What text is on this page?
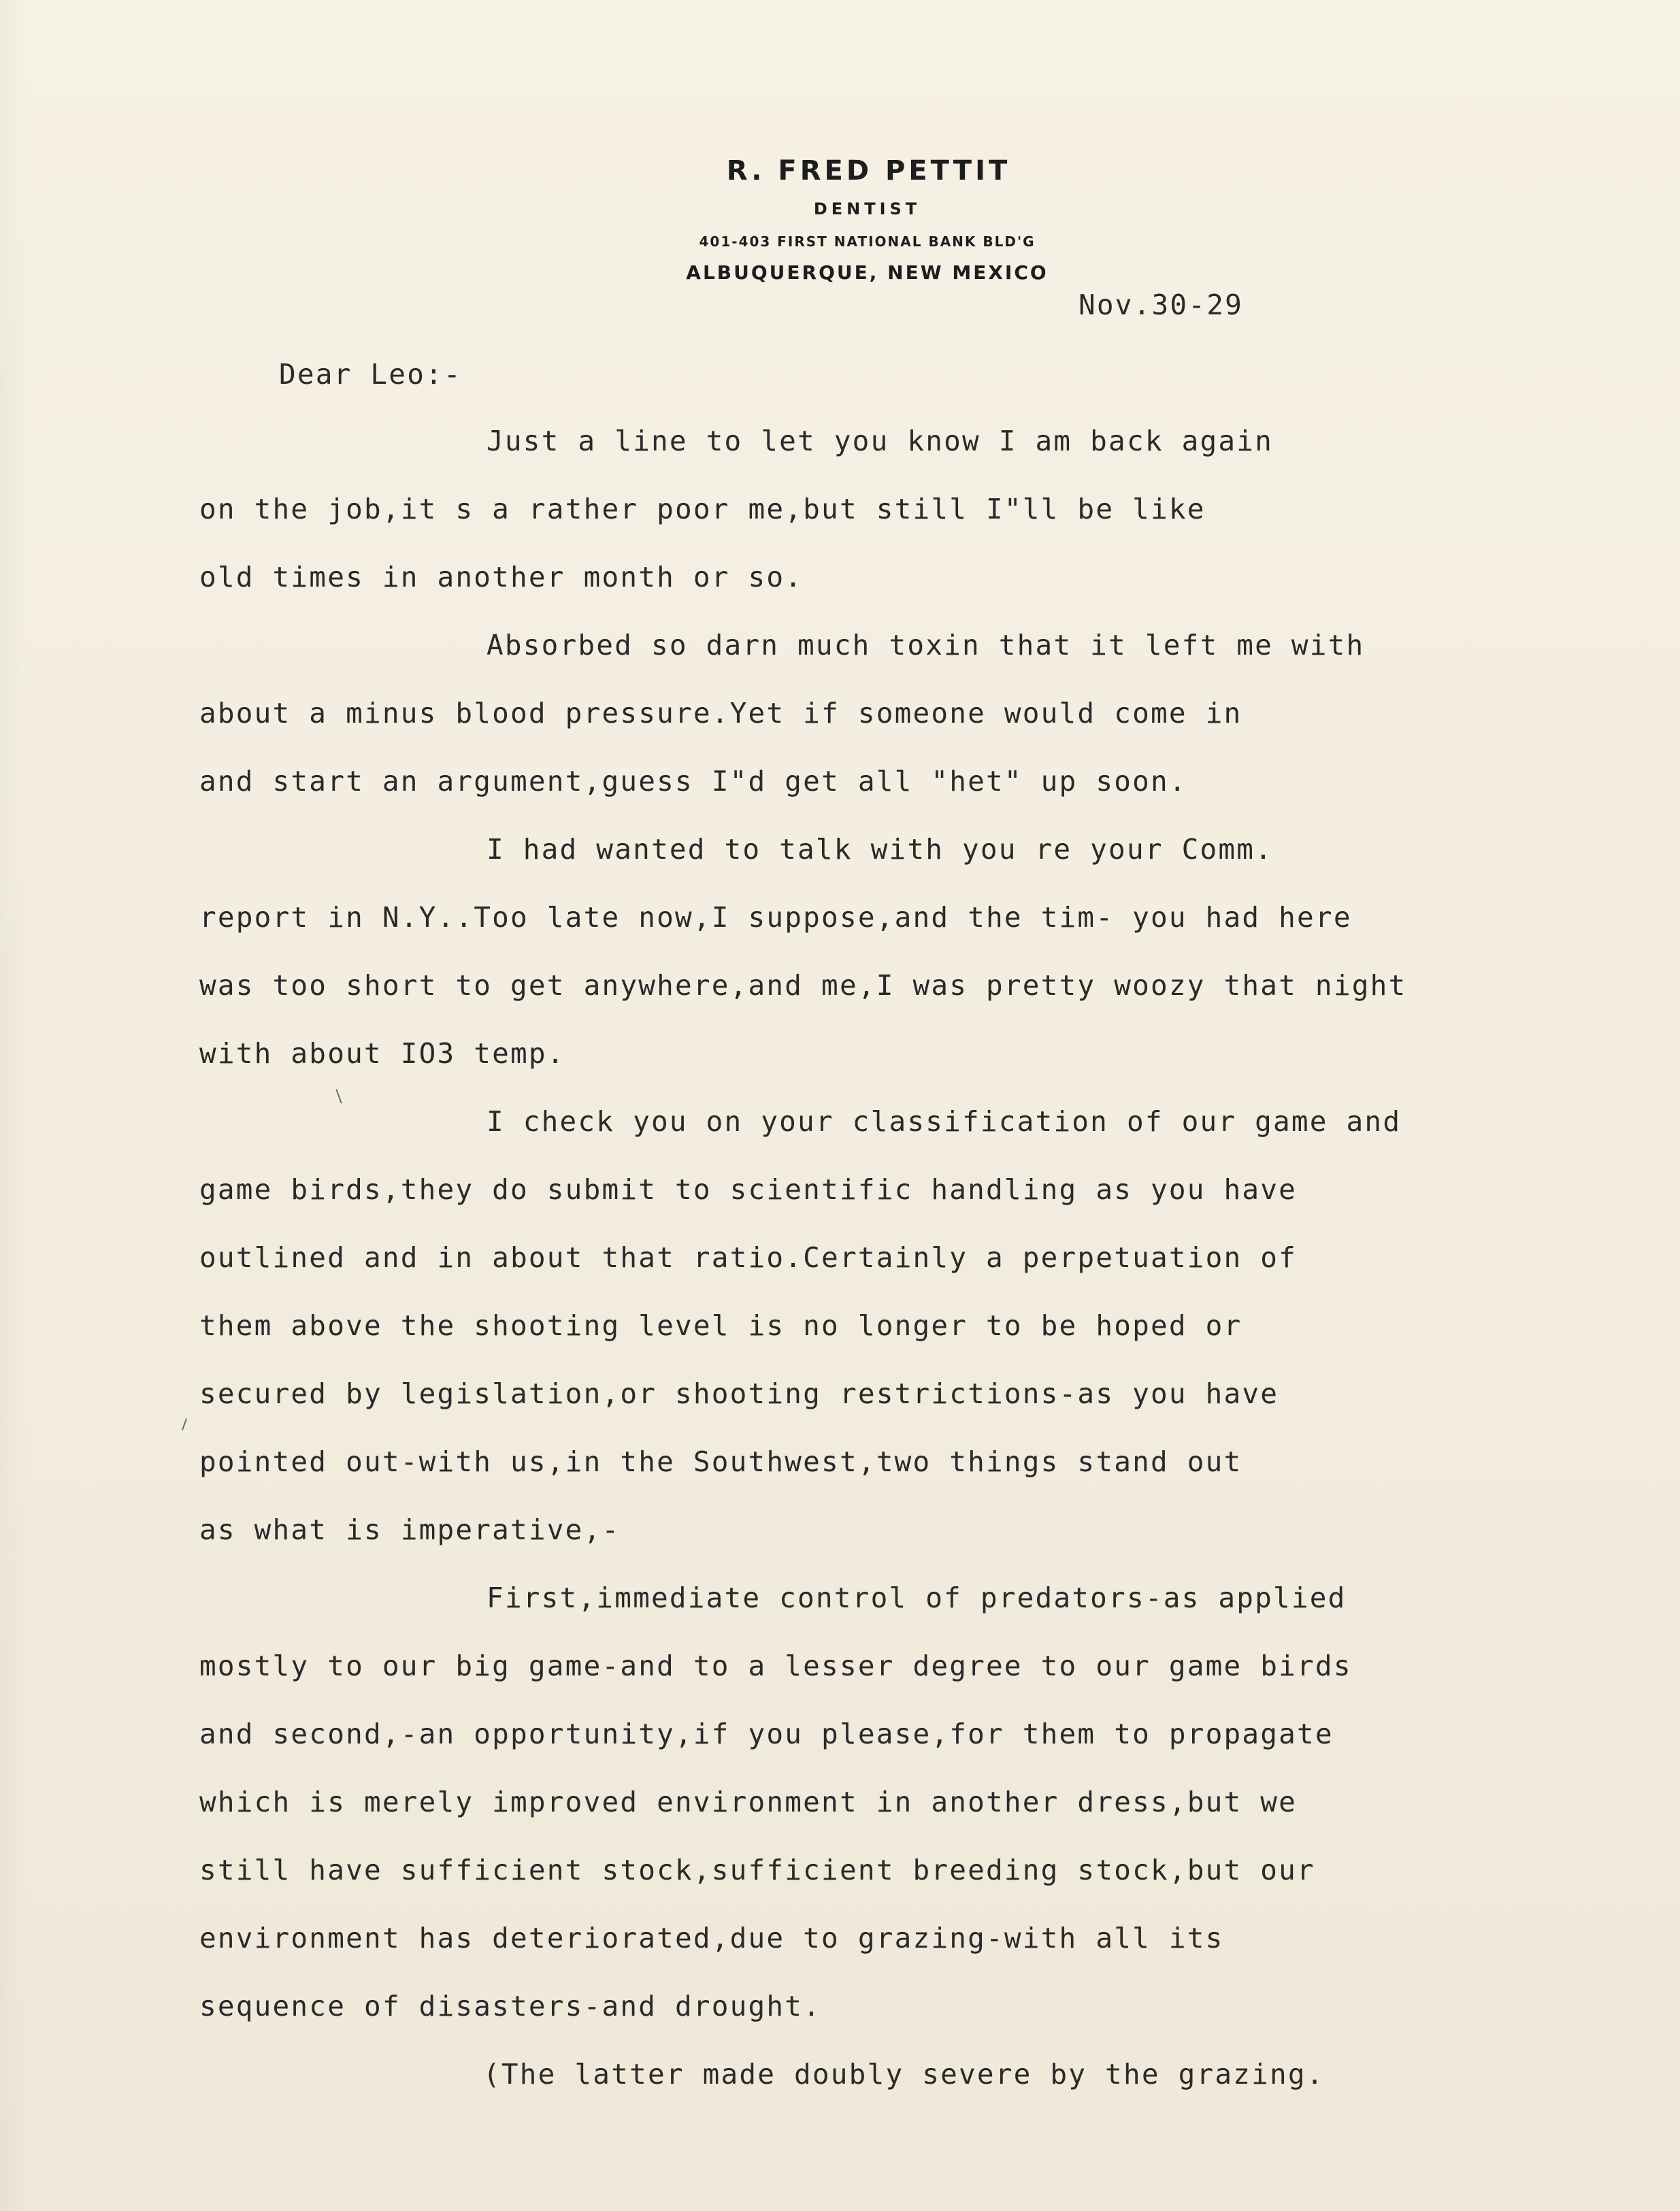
R. FRED PETTIT
DENTIST
401-403 FIRST NATIONAL BANK BLD'G
ALBUQUERQUE, NEW MEXICO
Nov.30-29
Dear Leo:-
Just a line to let you know I am back again
on the job,it s a rather poor me,but still I"ll be like
old times in another month or so.
Absorbed so darn much toxin that it left me with
about a minus blood pressure.Yet if someone would come in
and start an argument,guess I"d get all "het" up soon.
I had wanted to talk with you re your Comm.
report in N.Y..Too late now,I suppose,and the tim- you had here
was too short to get anywhere,and me,I was pretty woozy that night
with about IO3 temp.
I check you on your classification of our game and
game birds,they do submit to scientific handling as you have
outlined and in about that ratio.Certainly a perpetuation of
them above the shooting level is no longer to be hoped or
secured by legislation,or shooting restrictions-as you have
pointed out-with us,in the Southwest,two things stand out
as what is imperative,-
First,immediate control of predators-as applied
mostly to our big game-and to a lesser degree to our game birds
and second,-an opportunity,if you please,for them to propagate
which is merely improved environment in another dress,but we
still have sufficient stock,sufficient breeding stock,but our
environment has deteriorated,due to grazing-with all its
sequence of disasters-and drought.
(The latter made doubly severe by the grazing.
